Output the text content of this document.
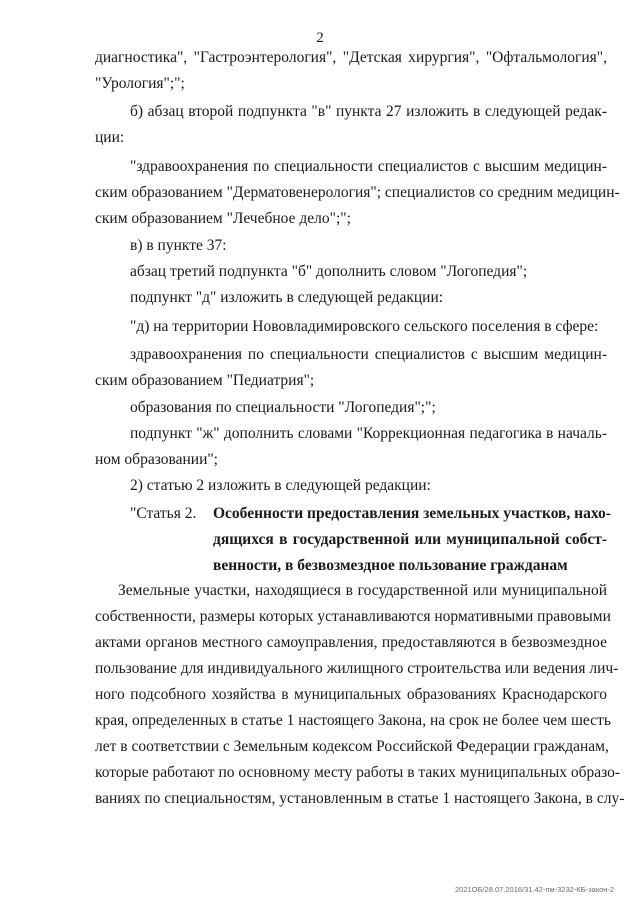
2
диагностика", "Гастроэнтерология", "Детская хирургия", "Офтальмология",
"Урология";";
б) абзац второй подпункта "в" пункта 27 изложить в следующей редак-
ции:
"здравоохранения по специальности специалистов с высшим медицин-
ским образованием "Дерматовенерология"; специалистов со средним медицин-
ским образованием "Лечебное дело";";
в) в пункте 37:
абзац третий подпункта "б" дополнить словом "Логопедия";
подпункт "д" изложить в следующей редакции:
"д) на территории Нововладимировского сельского поселения в сфере:
здравоохранения по специальности специалистов с высшим медицин-
ским образованием "Педиатрия";
образования по специальности "Логопедия";";
подпункт "ж" дополнить словами "Коррекционная педагогика в началь-
ном образовании";
2) статью 2 изложить в следующей редакции:
"Статья 2. Особенности предоставления земельных участков, нахо-
дящихся в государственной или муниципальной собст-
венности, в безвозмездное пользование гражданам
Земельные участки, находящиеся в государственной или муниципальной
собственности, размеры которых устанавливаются нормативными правовыми
актами органов местного самоуправления, предоставляются в безвозмездное
пользование для индивидуального жилищного строительства или ведения лич-
ного подсобного хозяйства в муниципальных образованиях Краснодарского
края, определенных в статье 1 настоящего Закона, на срок не более чем шесть
лет в соответствии с Земельным кодексом Российской Федерации гражданам,
которые работают по основному месту работы в таких муниципальных образо-
ваниях по специальностям, установленным в статье 1 настоящего Закона, в слу-
2021ОБ/28.07.2016/31.42-пм-3232-КБ-закон-2
